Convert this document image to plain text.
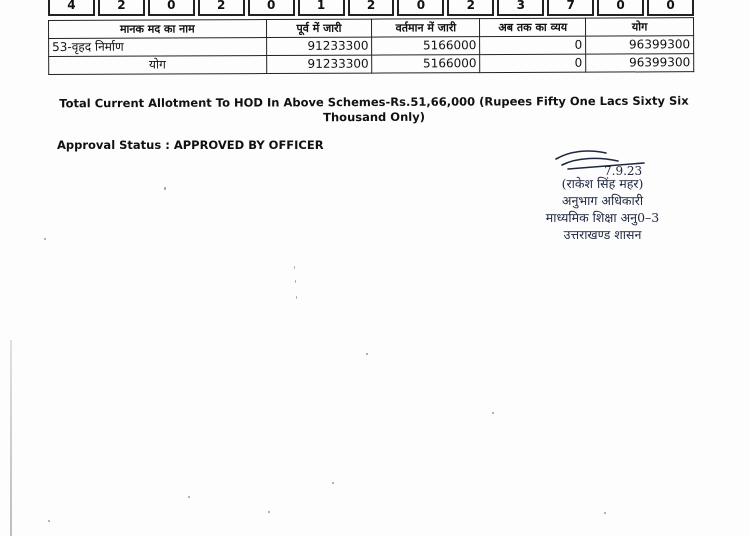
4	2	0	2	0	1	2	0	2	3	7	0	0
मानक मद का नाम	पूर्व में जारी	वर्तमान में जारी	अब तक का व्यय	योग
53-वृहद निर्माण	91233300	5166000	0	96399300
योग	91233300	5166000	0	96399300
Total Current Allotment To HOD In Above Schemes-Rs.51,66,000 (Rupees Fifty One Lacs Sixty Six Thousand Only)
Approval Status : APPROVED BY OFFICER
7.9.23
(राकेश सिंह महर)
अनुभाग अधिकारी
माध्यमिक शिक्षा अनु0–3
उत्तराखण्ड शासन
